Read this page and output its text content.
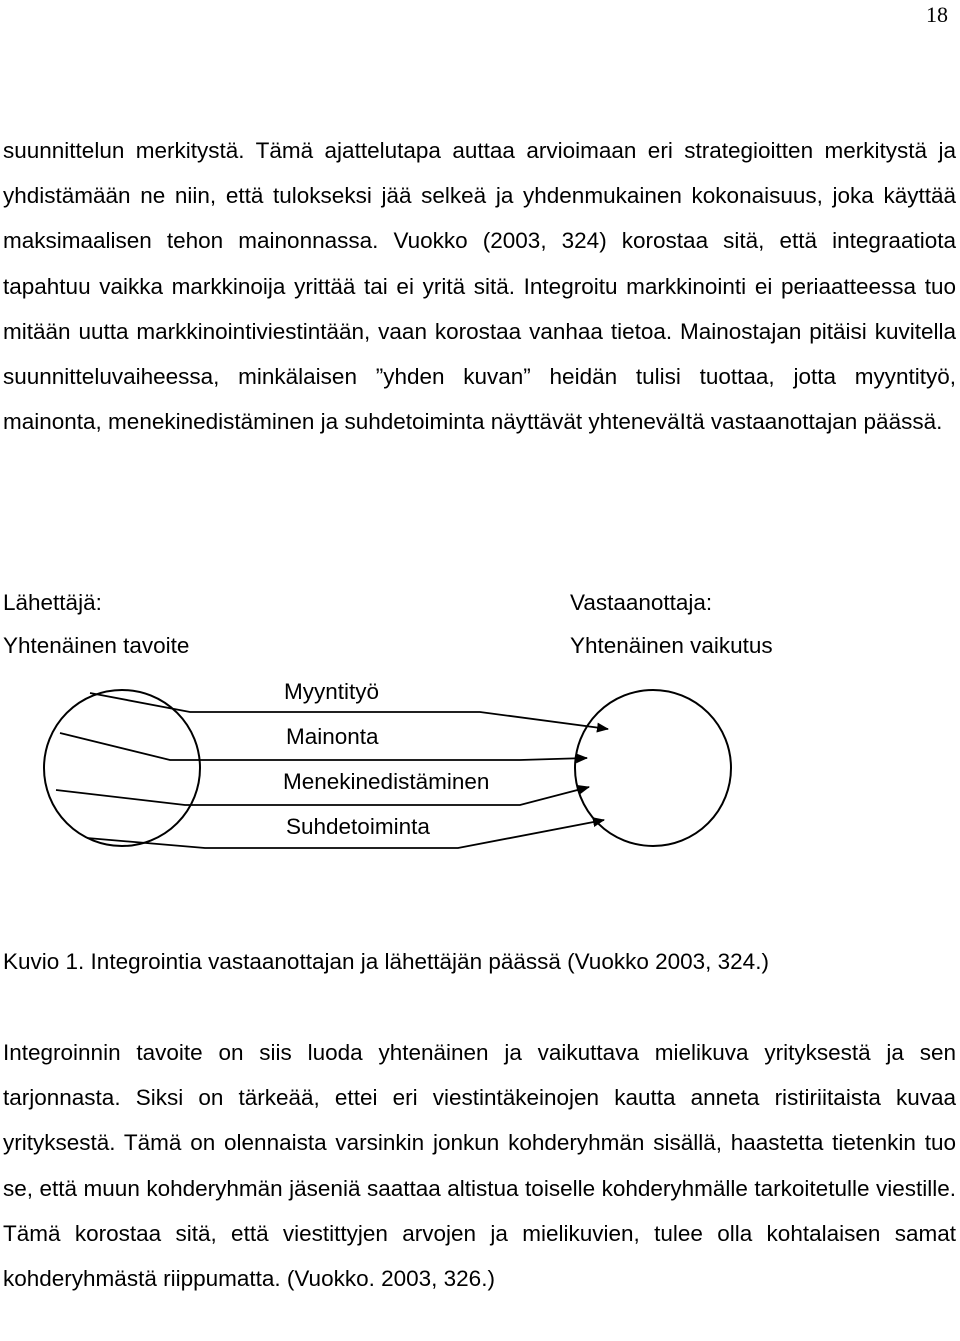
18

suunnittelun merkitystä. Tämä ajattelutapa auttaa arvioimaan eri strategioitten merkitystä ja yhdistämään ne niin, että tulokseksi jää selkeä ja yhdenmukainen kokonaisuus, joka käyttää maksimaalisen tehon mainonnassa. Vuokko (2003, 324) korostaa sitä, että integraatiota tapahtuu vaikka markkinoija yrittää tai ei yritä sitä. Integroitu markkinointi ei periaatteessa tuo mitään uutta markkinointiviestintään, vaan korostaa vanhaa tietoa. Mainostajan pitäisi kuvitella suunnitteluvaiheessa, minkälaisen ”yhden kuvan” heidän tulisi tuottaa, jotta myyntityö, mainonta, menekinedistäminen ja suhdetoiminta näyttävät yhteneväItä vastaanottajan päässä.

Lähettäjä:
Yhtenäinen tavoite
Vastaanottaja:
Yhtenäinen vaikutus
Myyntityö
Mainonta
Menekinedistäminen
Suhdetoiminta
Kuvio 1. Integrointia vastaanottajan ja lähettäjän päässä (Vuokko 2003, 324.)

Integroinnin tavoite on siis luoda yhtenäinen ja vaikuttava mielikuva yrityksestä ja sen tarjonnasta. Siksi on tärkeää, ettei eri viestintäkeinojen kautta anneta ristiriitaista kuvaa yrityksestä. Tämä on olennaista varsinkin jonkun kohderyhmän sisällä, haastetta tietenkin tuo se, että muun kohderyhmän jäseniä saattaa altistua toiselle kohderyhmälle tarkoitetulle viestille. Tämä korostaa sitä, että viestittyjen arvojen ja mielikuvien, tulee olla kohtalaisen samat kohderyhmästä riippumatta. (Vuokko. 2003, 326.)
